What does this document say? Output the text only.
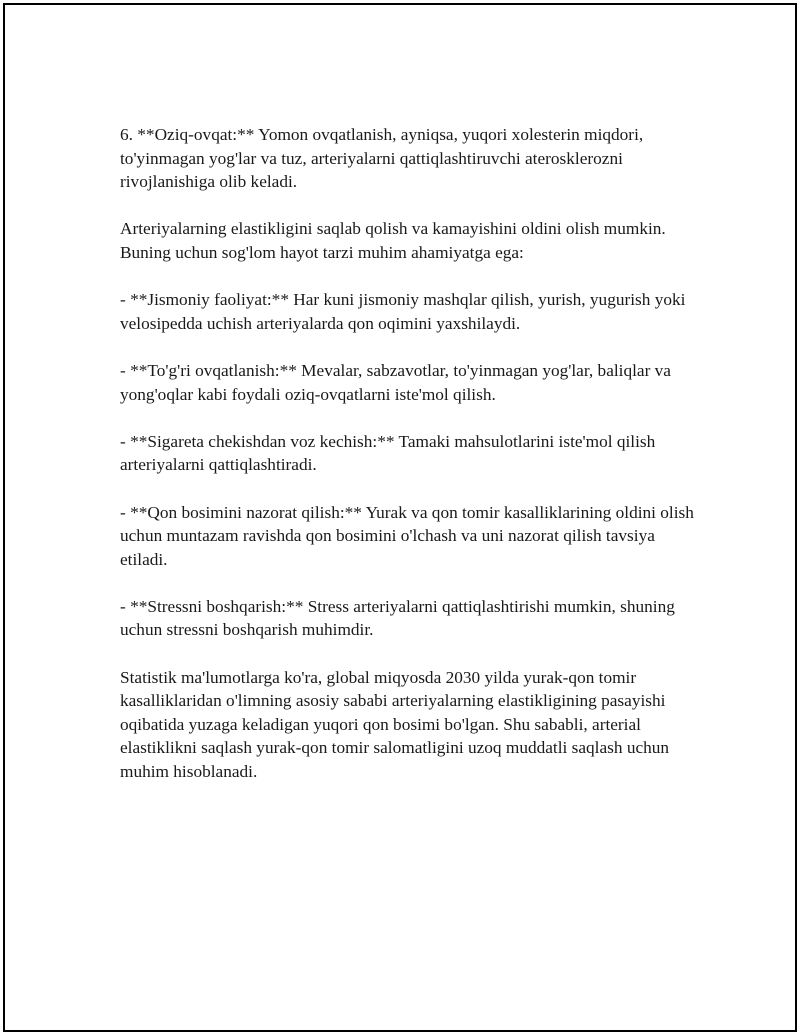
6. **Oziq-ovqat:** Yomon ovqatlanish, ayniqsa, yuqori xolesterin miqdori, to'yinmagan yog'lar va tuz, arteriyalarni qattiqlashtiruvchi aterosklerozni rivojlanishiga olib keladi.

Arteriyalarning elastikligini saqlab qolish va kamayishini oldini olish mumkin. Buning uchun sog'lom hayot tarzi muhim ahamiyatga ega:

- **Jismoniy faoliyat:** Har kuni jismoniy mashqlar qilish, yurish, yugurish yoki velosipedda uchish arteriyalarda qon oqimini yaxshilaydi.

- **To'g'ri ovqatlanish:** Mevalar, sabzavotlar, to'yinmagan yog'lar, baliqlar va yong'oqlar kabi foydali oziq-ovqatlarni iste'mol qilish.

- **Sigareta chekishdan voz kechish:** Tamaki mahsulotlarini iste'mol qilish arteriyalarni qattiqlashtiradi.

- **Qon bosimini nazorat qilish:** Yurak va qon tomir kasalliklarining oldini olish uchun muntazam ravishda qon bosimini o'lchash va uni nazorat qilish tavsiya etiladi.

- **Stressni boshqarish:** Stress arteriyalarni qattiqlashtirishi mumkin, shuning uchun stressni boshqarish muhimdir.

Statistik ma'lumotlarga ko'ra, global miqyosda 2030 yilda yurak-qon tomir kasalliklaridan o'limning asosiy sababi arteriyalarning elastikligining pasayishi oqibatida yuzaga keladigan yuqori qon bosimi bo'lgan. Shu sababli, arterial elastiklikni saqlash yurak-qon tomir salomatligini uzoq muddatli saqlash uchun muhim hisoblanadi.
